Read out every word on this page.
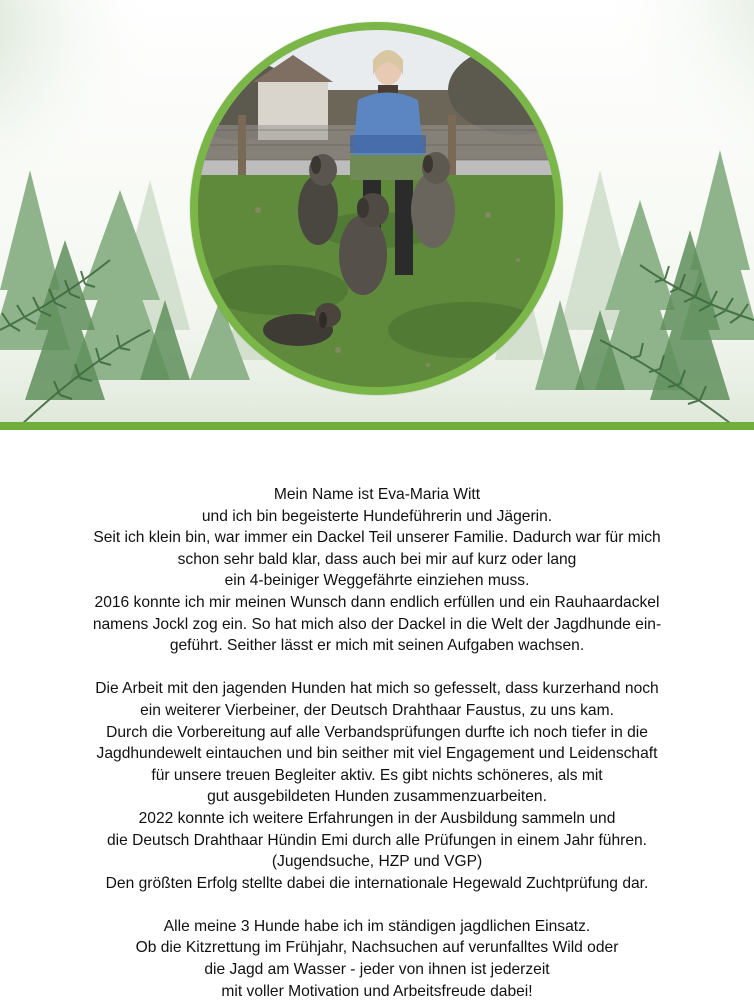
Mein Name ist Eva-Maria Witt
und ich bin begeisterte Hundeführerin und Jägerin.
Seit ich klein bin, war immer ein Dackel Teil unserer Familie. Dadurch war für mich
schon sehr bald klar, dass auch bei mir auf kurz oder lang
ein 4-beiniger Weggefährte einziehen muss.
2016 konnte ich mir meinen Wunsch dann endlich erfüllen und ein Rauhaardackel
namens Jockl zog ein. So hat mich also der Dackel in die Welt der Jagdhunde ein-
geführt. Seither lässt er mich mit seinen Aufgaben wachsen.
Die Arbeit mit den jagenden Hunden hat mich so gefesselt, dass kurzerhand noch
ein weiterer Vierbeiner, der Deutsch Drahthaar Faustus, zu uns kam.
Durch die Vorbereitung auf alle Verbandsprüfungen durfte ich noch tiefer in die
Jagdhundewelt eintauchen und bin seither mit viel Engagement und Leidenschaft
für unsere treuen Begleiter aktiv. Es gibt nichts schöneres, als mit
gut ausgebildeten Hunden zusammenzuarbeiten.
2022 konnte ich weitere Erfahrungen in der Ausbildung sammeln und
die Deutsch Drahthaar Hündin Emi durch alle Prüfungen in einem Jahr führen.
(Jugendsuche, HZP und VGP)
Den größten Erfolg stellte dabei die internationale Hegewald Zuchtprüfung dar.
Alle meine 3 Hunde habe ich im ständigen jagdlichen Einsatz.
Ob die Kitzrettung im Frühjahr, Nachsuchen auf verunfalltes Wild oder
die Jagd am Wasser - jeder von ihnen ist jederzeit
mit voller Motivation und Arbeitsfreude dabei!
